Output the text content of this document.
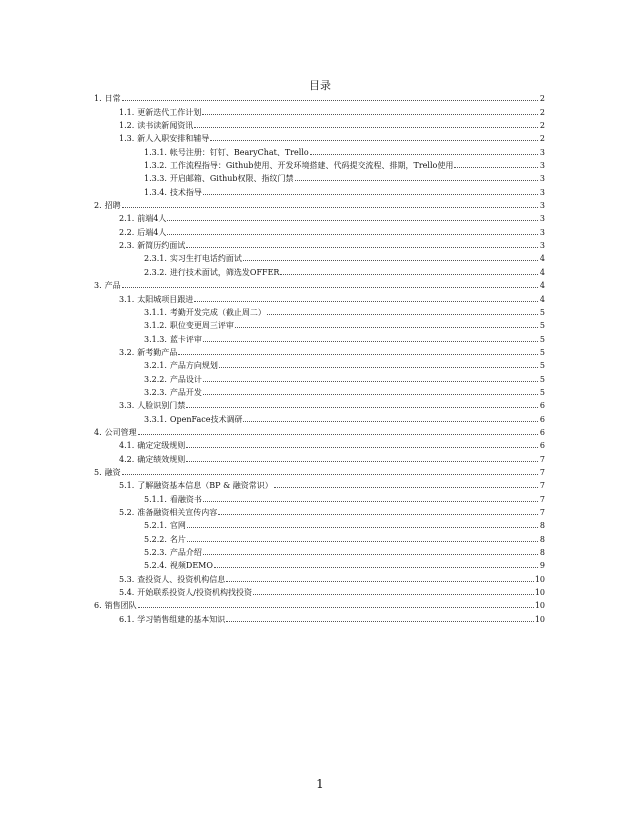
目录
1. 日常	2
1.1. 更新迭代工作计划	2
1.2. 读书读新闻资讯	2
1.3. 新人入职安排和辅导	2
1.3.1. 帐号注册：钉钉、BearyChat、Trello	3
1.3.2. 工作流程指导：Github使用、开发环境搭建、代码提交流程、排期，Trello使用	3
1.3.3. 开启邮箱、Github权限、指纹门禁	3
1.3.4. 技术指导	3
2. 招聘	3
2.1. 前端4人	3
2.2. 后端4人	3
2.3. 新简历约面试	3
2.3.1. 实习生打电话约面试	4
2.3.2. 进行技术面试，筛选发OFFER	4
3. 产品	4
3.1. 太阳城项目跟进	4
3.1.1. 考勤开发完成（截止周二）	5
3.1.2. 职位变更周三评审	5
3.1.3. 蓝卡评审	5
3.2. 新考勤产品	5
3.2.1. 产品方向规划	5
3.2.2. 产品设计	5
3.2.3. 产品开发	5
3.3. 人脸识别门禁	6
3.3.1. OpenFace技术调研	6
4. 公司管理	6
4.1. 确定定级规则	6
4.2. 确定绩效规则	7
5. 融资	7
5.1. 了解融资基本信息（BP & 融资常识）	7
5.1.1. 看融资书	7
5.2. 准备融资相关宣传内容	7
5.2.1. 官网	8
5.2.2. 名片	8
5.2.3. 产品介绍	8
5.2.4. 视频DEMO	9
5.3. 查投资人、投资机构信息	10
5.4. 开始联系投资人/投资机构找投资	10
6. 销售团队	10
6.1. 学习销售组建的基本知识	10
1
